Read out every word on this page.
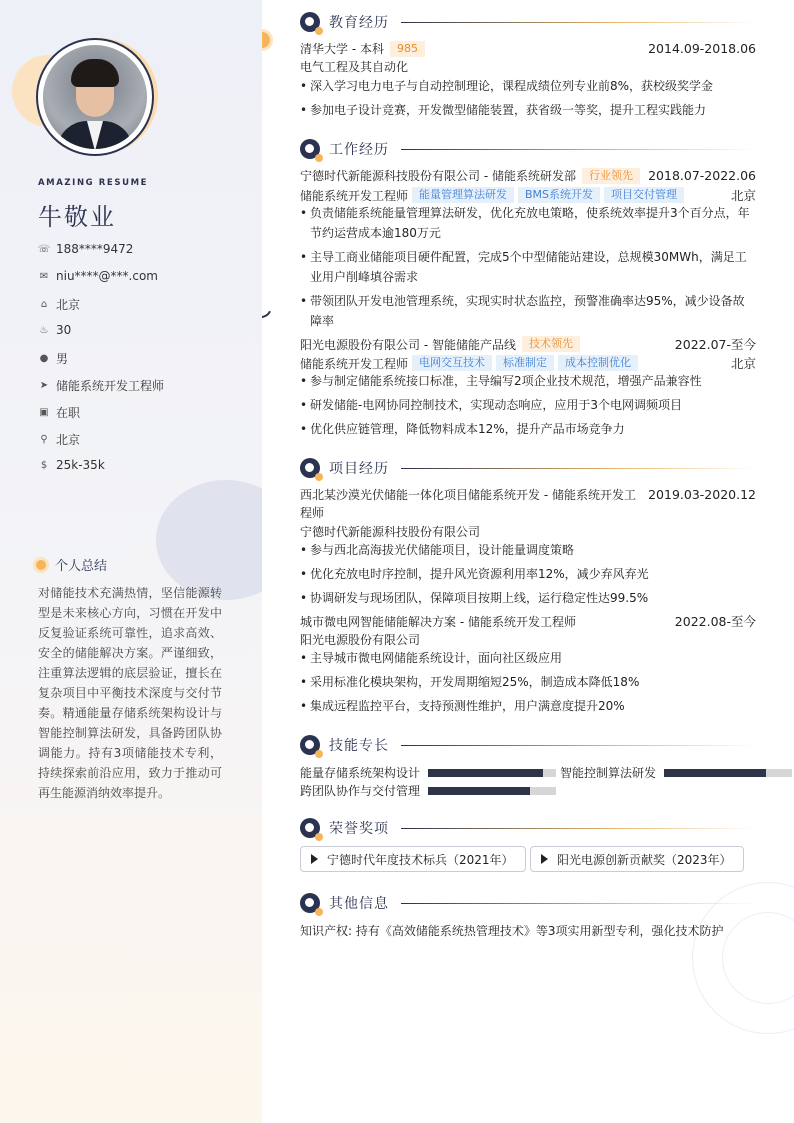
AMAZING RESUME
牛敬业
☏ 188****9472
✉ niu****@***.com
⌂ 北京
♨ 30
● 男
➤ 储能系统开发工程师
▣ 在职
⚲ 北京
$ 25k-35k
个人总结
对储能技术充满热情，坚信能源转型是未来核心方向，习惯在开发中反复验证系统可靠性，追求高效、安全的储能解决方案。严谨细致，注重算法逻辑的底层验证，擅长在复杂项目中平衡技术深度与交付节奏。精通能量存储系统架构设计与智能控制算法研发，具备跨团队协调能力。持有3项储能技术专利，持续探索前沿应用，致力于推动可再生能源消纳效率提升。
教育经历
清华大学 - 本科	985	2014.09-2018.06
电气工程及其自动化
• 深入学习电力电子与自动控制理论，课程成绩位列专业前8%，获校级奖学金
• 参加电子设计竞赛，开发微型储能装置，获省级一等奖，提升工程实践能力
工作经历
宁德时代新能源科技股份有限公司 - 储能系统研发部	行业领先	2018.07-2022.06
储能系统开发工程师	能量管理算法研发	BMS系统开发	项目交付管理	北京
• 负责储能系统能量管理算法研发，优化充放电策略，使系统效率提升3个百分点，年节约运营成本逾180万元
• 主导工商业储能项目硬件配置，完成5个中型储能站建设，总规模30MWh，满足工业用户削峰填谷需求
• 带领团队开发电池管理系统，实现实时状态监控，预警准确率达95%，减少设备故障率
阳光电源股份有限公司 - 智能储能产品线	技术领先	2022.07-至今
储能系统开发工程师	电网交互技术	标准制定	成本控制优化	北京
• 参与制定储能系统接口标准，主导编写2项企业技术规范，增强产品兼容性
• 研发储能-电网协同控制技术，实现动态响应，应用于3个电网调频项目
• 优化供应链管理，降低物料成本12%，提升产品市场竞争力
项目经历
西北某沙漠光伏储能一体化项目储能系统开发 - 储能系统开发工 2019.03-2020.12
程师
宁德时代新能源科技股份有限公司
• 参与西北高海拔光伏储能项目，设计能量调度策略
• 优化充放电时序控制，提升风光资源利用率12%，减少弃风弃光
• 协调研发与现场团队，保障项目按期上线，运行稳定性达99.5%
城市微电网智能储能解决方案 - 储能系统开发工程师	2022.08-至今
阳光电源股份有限公司
• 主导城市微电网储能系统设计，面向社区级应用
• 采用标准化模块架构，开发周期缩短25%，制造成本降低18%
• 集成远程监控平台，支持预测性维护，用户满意度提升20%
技能专长
能量存储系统架构设计	智能控制算法研发
跨团队协作与交付管理
荣誉奖项
宁德时代年度技术标兵（2021年）	阳光电源创新贡献奖（2023年）
其他信息
知识产权: 持有《高效储能系统热管理技术》等3项实用新型专利，强化技术防护
